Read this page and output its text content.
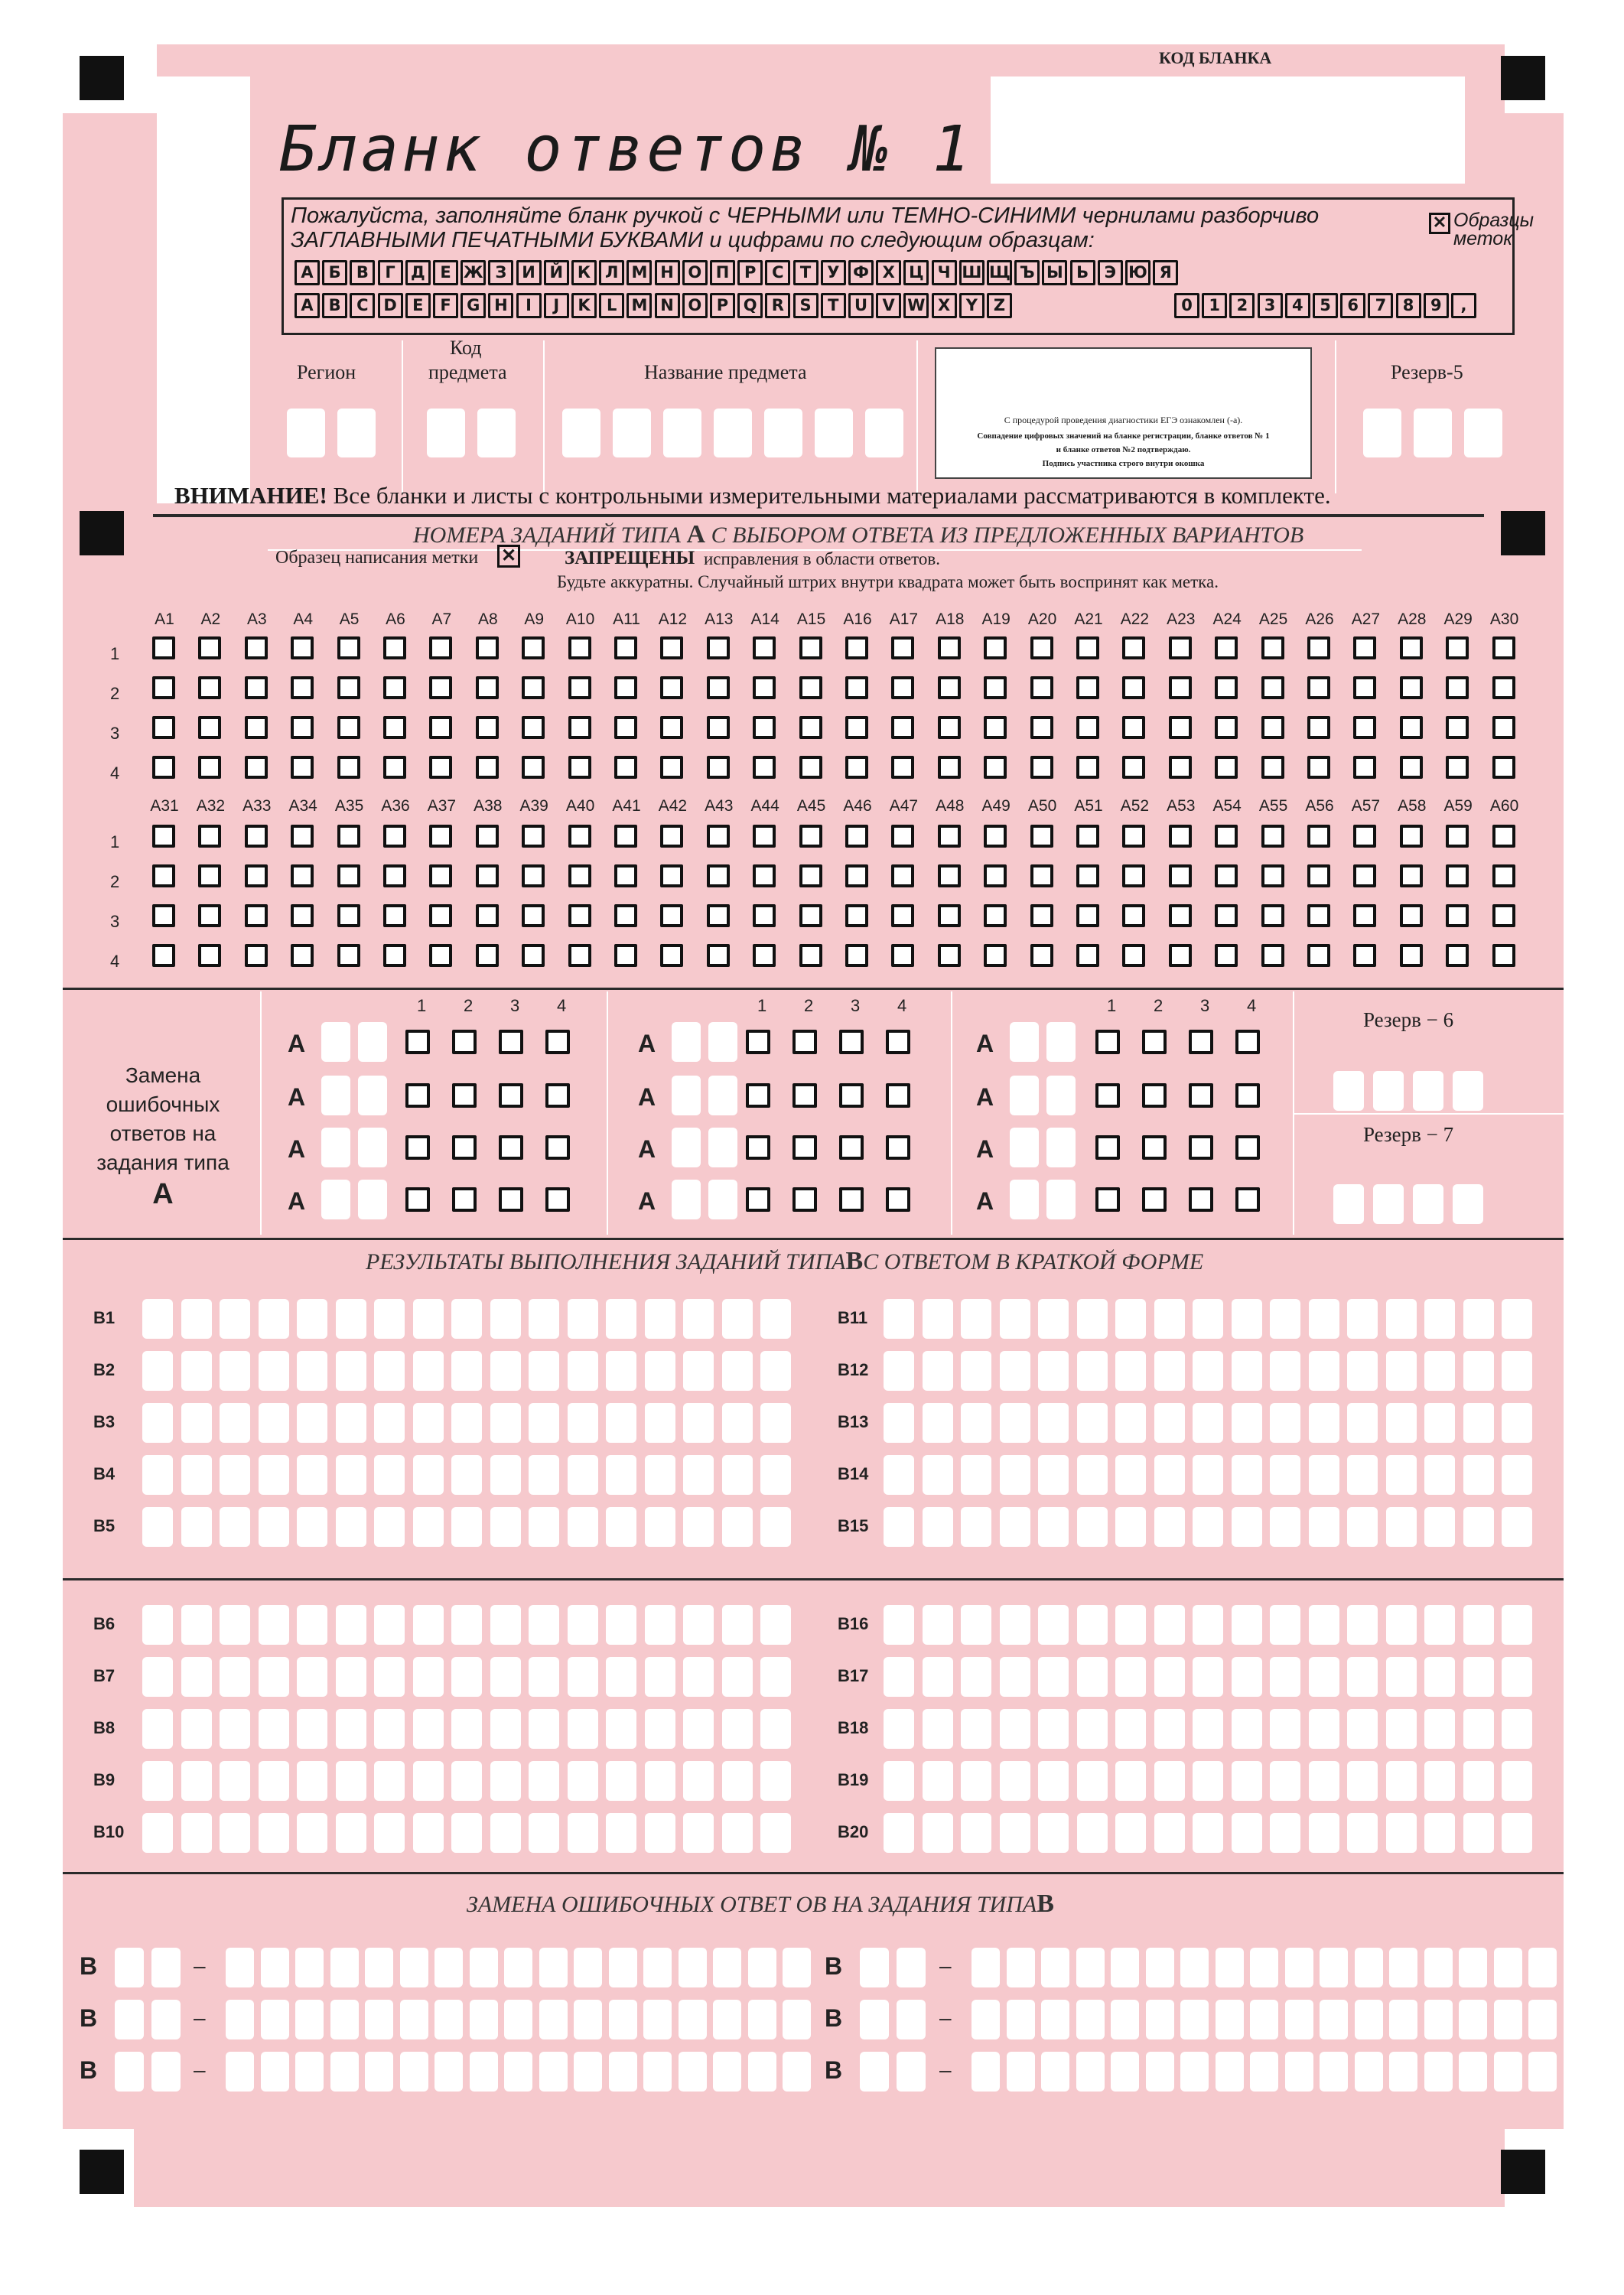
КОД БЛАНКА
Бланк ответов № 1
Пожалуйста, заполняйте бланк ручкой с ЧЕРНЫМИ или ТЕМНО-СИНИМИ чернилами разборчиво
ЗАГЛАВНЫМИ ПЕЧАТНЫМИ БУКВАМИ и цифрами по следующим образцам:
✕ Образцы
меток
А Б В	Г Д Е Ж З И Й К Л М Н О П Р С	Т У Ф Х Ц Ч Ш Щ Ъ Ы Ь Э Ю Я
A B C D E	F G H	I	J	K	L M N O P Q R S	T U V W X Y Z	0	1	2	3	4	5	6	7	8	9	,
Регион
Код
предмета	Название предмета	Резерв-5
С процедурой проведения диагностики ЕГЭ ознакомлен (-а).
Совпадение цифровых значений на бланке регистрации, бланке ответов № 1
и бланке ответов №2 подтверждаю.
Подпись участника строго внутри окошка
ВНИМАНИЕ! Все бланки и листы с контрольными измерительными материалами рассматриваются в комплекте.
НОМЕРА ЗАДАНИЙ ТИПА А С ВЫБОРОМ ОТВЕТА ИЗ ПРЕДЛОЖЕННЫХ ВАРИАНТОВ
Образец написания метки ✕	ЗАПРЕЩЕНЫ исправления в области ответов.
Будьте аккуратны. Случайный штрих внутри квадрата может быть воспринят как метка.
A1	A2	A3	A4	A5	A6	A7	A8	A9	A10 A11 A12 A13 A14 A15 A16 A17 A18 A19 A20 A21 A22 A23 A24 A25 A26 A27 A28 A29 A30
1
2
3
4
A31 A32 A33 A34 A35 A36 A37 A38 A39 A40 A41 A42 A43 A44 A45 A46 A47 A48 A49 A50 A51 A52 A53 A54 A55 A56 A57 A58 A59 A60
1
2
3
4
1 2 3 4
А
А
А
А
1 2 3 4
А
А
А
А
1 2 3 4
А
А
А
А
Замена
ошибочных
ответов на
задания типа
А
Резерв − 6
Резерв − 7
РЕЗУЛЬТАТЫ ВЫПОЛНЕНИЯ ЗАДАНИЙ ТИПАВС ОТВЕТОМ В КРАТКОЙ ФОРМЕ
В1
В2
В3
В4
В5
В11
В12
В13
В14
В15
В6
В7
В8
В9
В10
В16
В17
В18
В19
В20
ЗАМЕНА ОШИБОЧНЫХ ОТВЕТ ОВ НА ЗАДАНИЯ ТИПАВ
В	–
В	–
В	–
В	–
В	–
В	–
